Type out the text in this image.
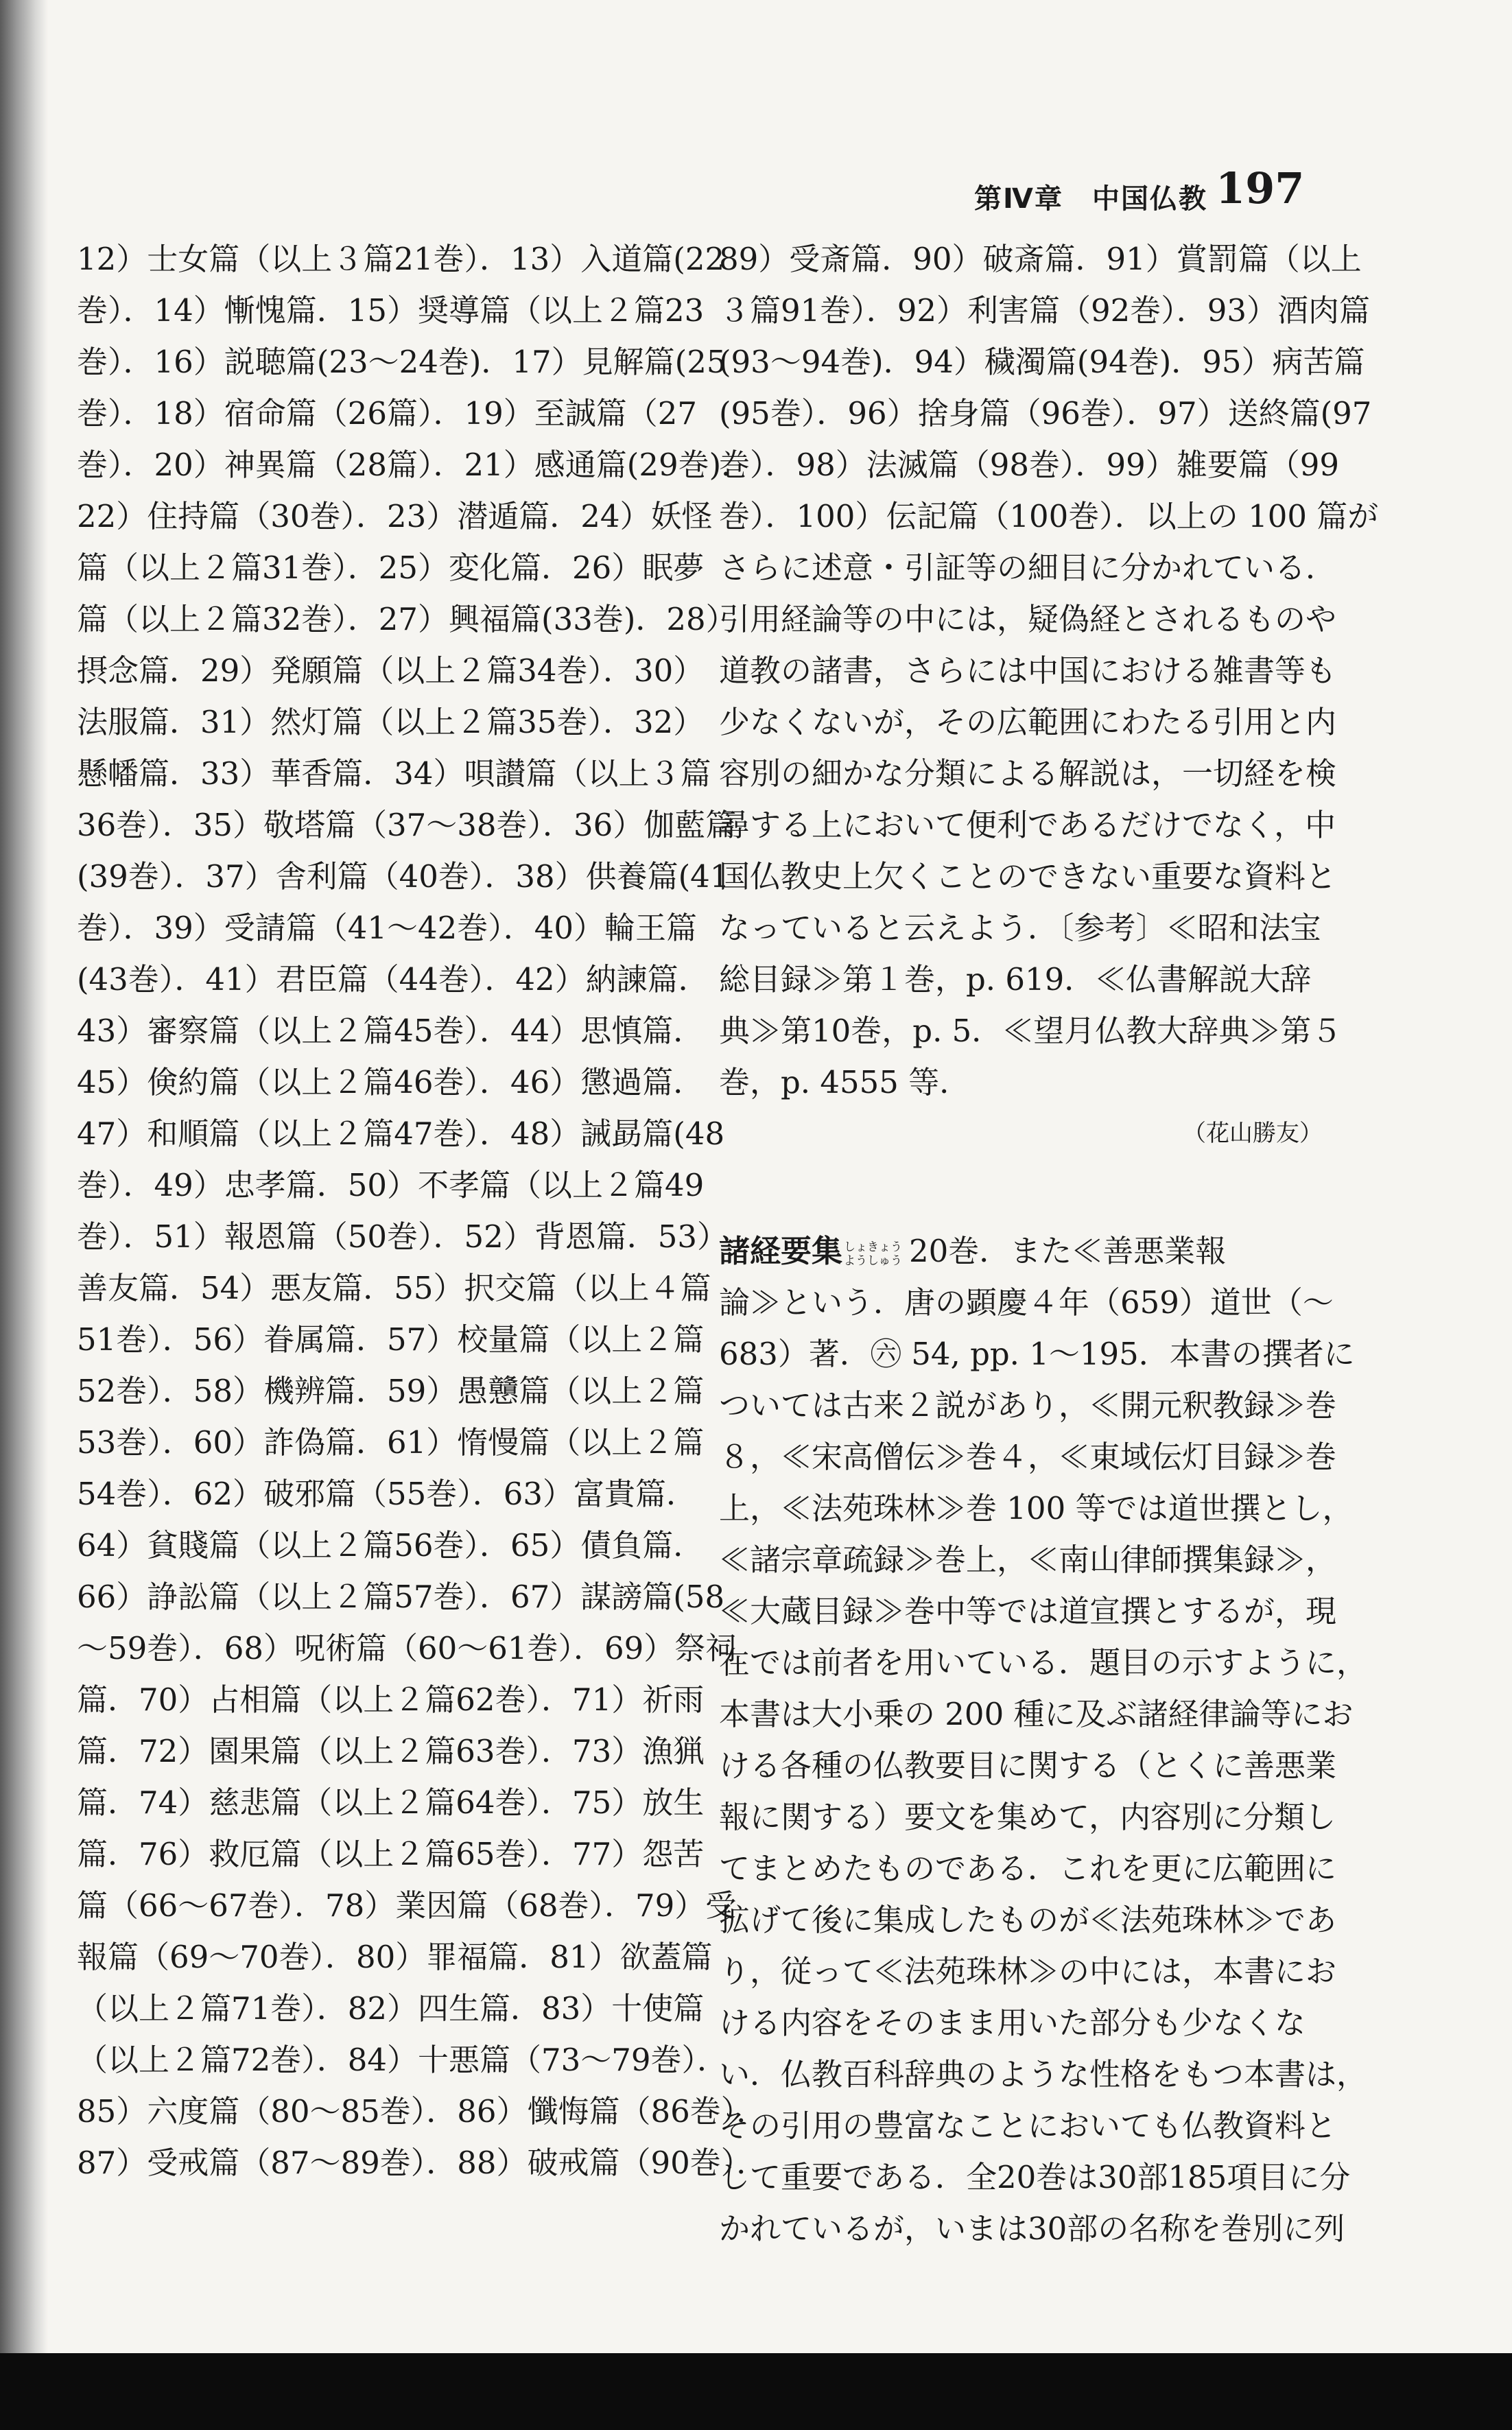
第Ⅳ章　中国仏教 197
12）士女篇（以上３篇21巻）．13）入道篇(22
巻）．14）慚愧篇．15）奨導篇（以上２篇23
巻）．16）説聴篇(23～24巻)．17）見解篇(25
巻）．18）宿命篇（26篇）．19）至誠篇（27
巻）．20）神異篇（28篇）．21）感通篇(29巻)．
22）住持篇（30巻）．23）潜遁篇．24）妖怪
篇（以上２篇31巻）．25）変化篇．26）眠夢
篇（以上２篇32巻）．27）興福篇(33巻)．28）
摂念篇．29）発願篇（以上２篇34巻）．30）
法服篇．31）然灯篇（以上２篇35巻）．32）
懸幡篇．33）華香篇．34）唄讃篇（以上３篇
36巻）．35）敬塔篇（37～38巻）．36）伽藍篇
(39巻）．37）舎利篇（40巻）．38）供養篇(41
巻）．39）受請篇（41～42巻）．40）輪王篇
(43巻）．41）君臣篇（44巻）．42）納諫篇．
43）審察篇（以上２篇45巻）．44）思慎篇．
45）倹約篇（以上２篇46巻）．46）懲過篇．
47）和順篇（以上２篇47巻）．48）誡勗篇(48
巻）．49）忠孝篇．50）不孝篇（以上２篇49
巻）．51）報恩篇（50巻）．52）背恩篇．53）
善友篇．54）悪友篇．55）択交篇（以上４篇
51巻）．56）眷属篇．57）校量篇（以上２篇
52巻）．58）機辨篇．59）愚戇篇（以上２篇
53巻）．60）詐偽篇．61）惰慢篇（以上２篇
54巻）．62）破邪篇（55巻）．63）富貴篇．
64）貧賤篇（以上２篇56巻）．65）債負篇．
66）諍訟篇（以上２篇57巻）．67）謀謗篇(58
～59巻）．68）呪術篇（60～61巻）．69）祭祠
篇．70）占相篇（以上２篇62巻）．71）祈雨
篇．72）園果篇（以上２篇63巻）．73）漁猟
篇．74）慈悲篇（以上２篇64巻）．75）放生
篇．76）救厄篇（以上２篇65巻）．77）怨苦
篇（66～67巻）．78）業因篇（68巻）．79）受
報篇（69～70巻）．80）罪福篇．81）欲蓋篇
（以上２篇71巻）．82）四生篇．83）十使篇
（以上２篇72巻）．84）十悪篇（73～79巻）．
85）六度篇（80～85巻）．86）懺悔篇（86巻）．
87）受戒篇（87～89巻）．88）破戒篇（90巻）．
89）受斎篇．90）破斎篇．91）賞罰篇（以上
３篇91巻）．92）利害篇（92巻）．93）酒肉篇
(93～94巻)．94）穢濁篇(94巻)．95）病苦篇
(95巻）．96）捨身篇（96巻）．97）送終篇(97
巻）．98）法滅篇（98巻）．99）雑要篇（99
巻）．100）伝記篇（100巻）．以上の 100 篇が
さらに述意・引証等の細目に分かれている．
引用経論等の中には，疑偽経とされるものや
道教の諸書，さらには中国における雑書等も
少なくないが，その広範囲にわたる引用と内
容別の細かな分類による解説は，一切経を検
尋する上において便利であるだけでなく，中
国仏教史上欠くことのできない重要な資料と
なっていると云えよう．〔参考〕≪昭和法宝
総目録≫第１巻，p. 619．≪仏書解説大辞
典≫第10巻，p. 5．≪望月仏教大辞典≫第５
巻，p. 4555 等．
（花山勝友）
諸経要集 しょきょう
ようしゅう 20巻．また≪善悪業報
論≫という．唐の顕慶４年（659）道世（～
683）著．㊅ 54, pp. 1～195．本書の撰者に
ついては古来２説があり，≪開元釈教録≫巻
８，≪宋高僧伝≫巻４，≪東域伝灯目録≫巻
上，≪法苑珠林≫巻 100 等では道世撰とし，
≪諸宗章疏録≫巻上，≪南山律師撰集録≫，
≪大蔵目録≫巻中等では道宣撰とするが，現
在では前者を用いている．題目の示すように，
本書は大小乗の 200 種に及ぶ諸経律論等にお
ける各種の仏教要目に関する（とくに善悪業
報に関する）要文を集めて，内容別に分類し
てまとめたものである．これを更に広範囲に
拡げて後に集成したものが≪法苑珠林≫であ
り，従って≪法苑珠林≫の中には，本書にお
ける内容をそのまま用いた部分も少なくな
い．仏教百科辞典のような性格をもつ本書は，
その引用の豊富なことにおいても仏教資料と
して重要である．全20巻は30部185項目に分
かれているが，いまは30部の名称を巻別に列
